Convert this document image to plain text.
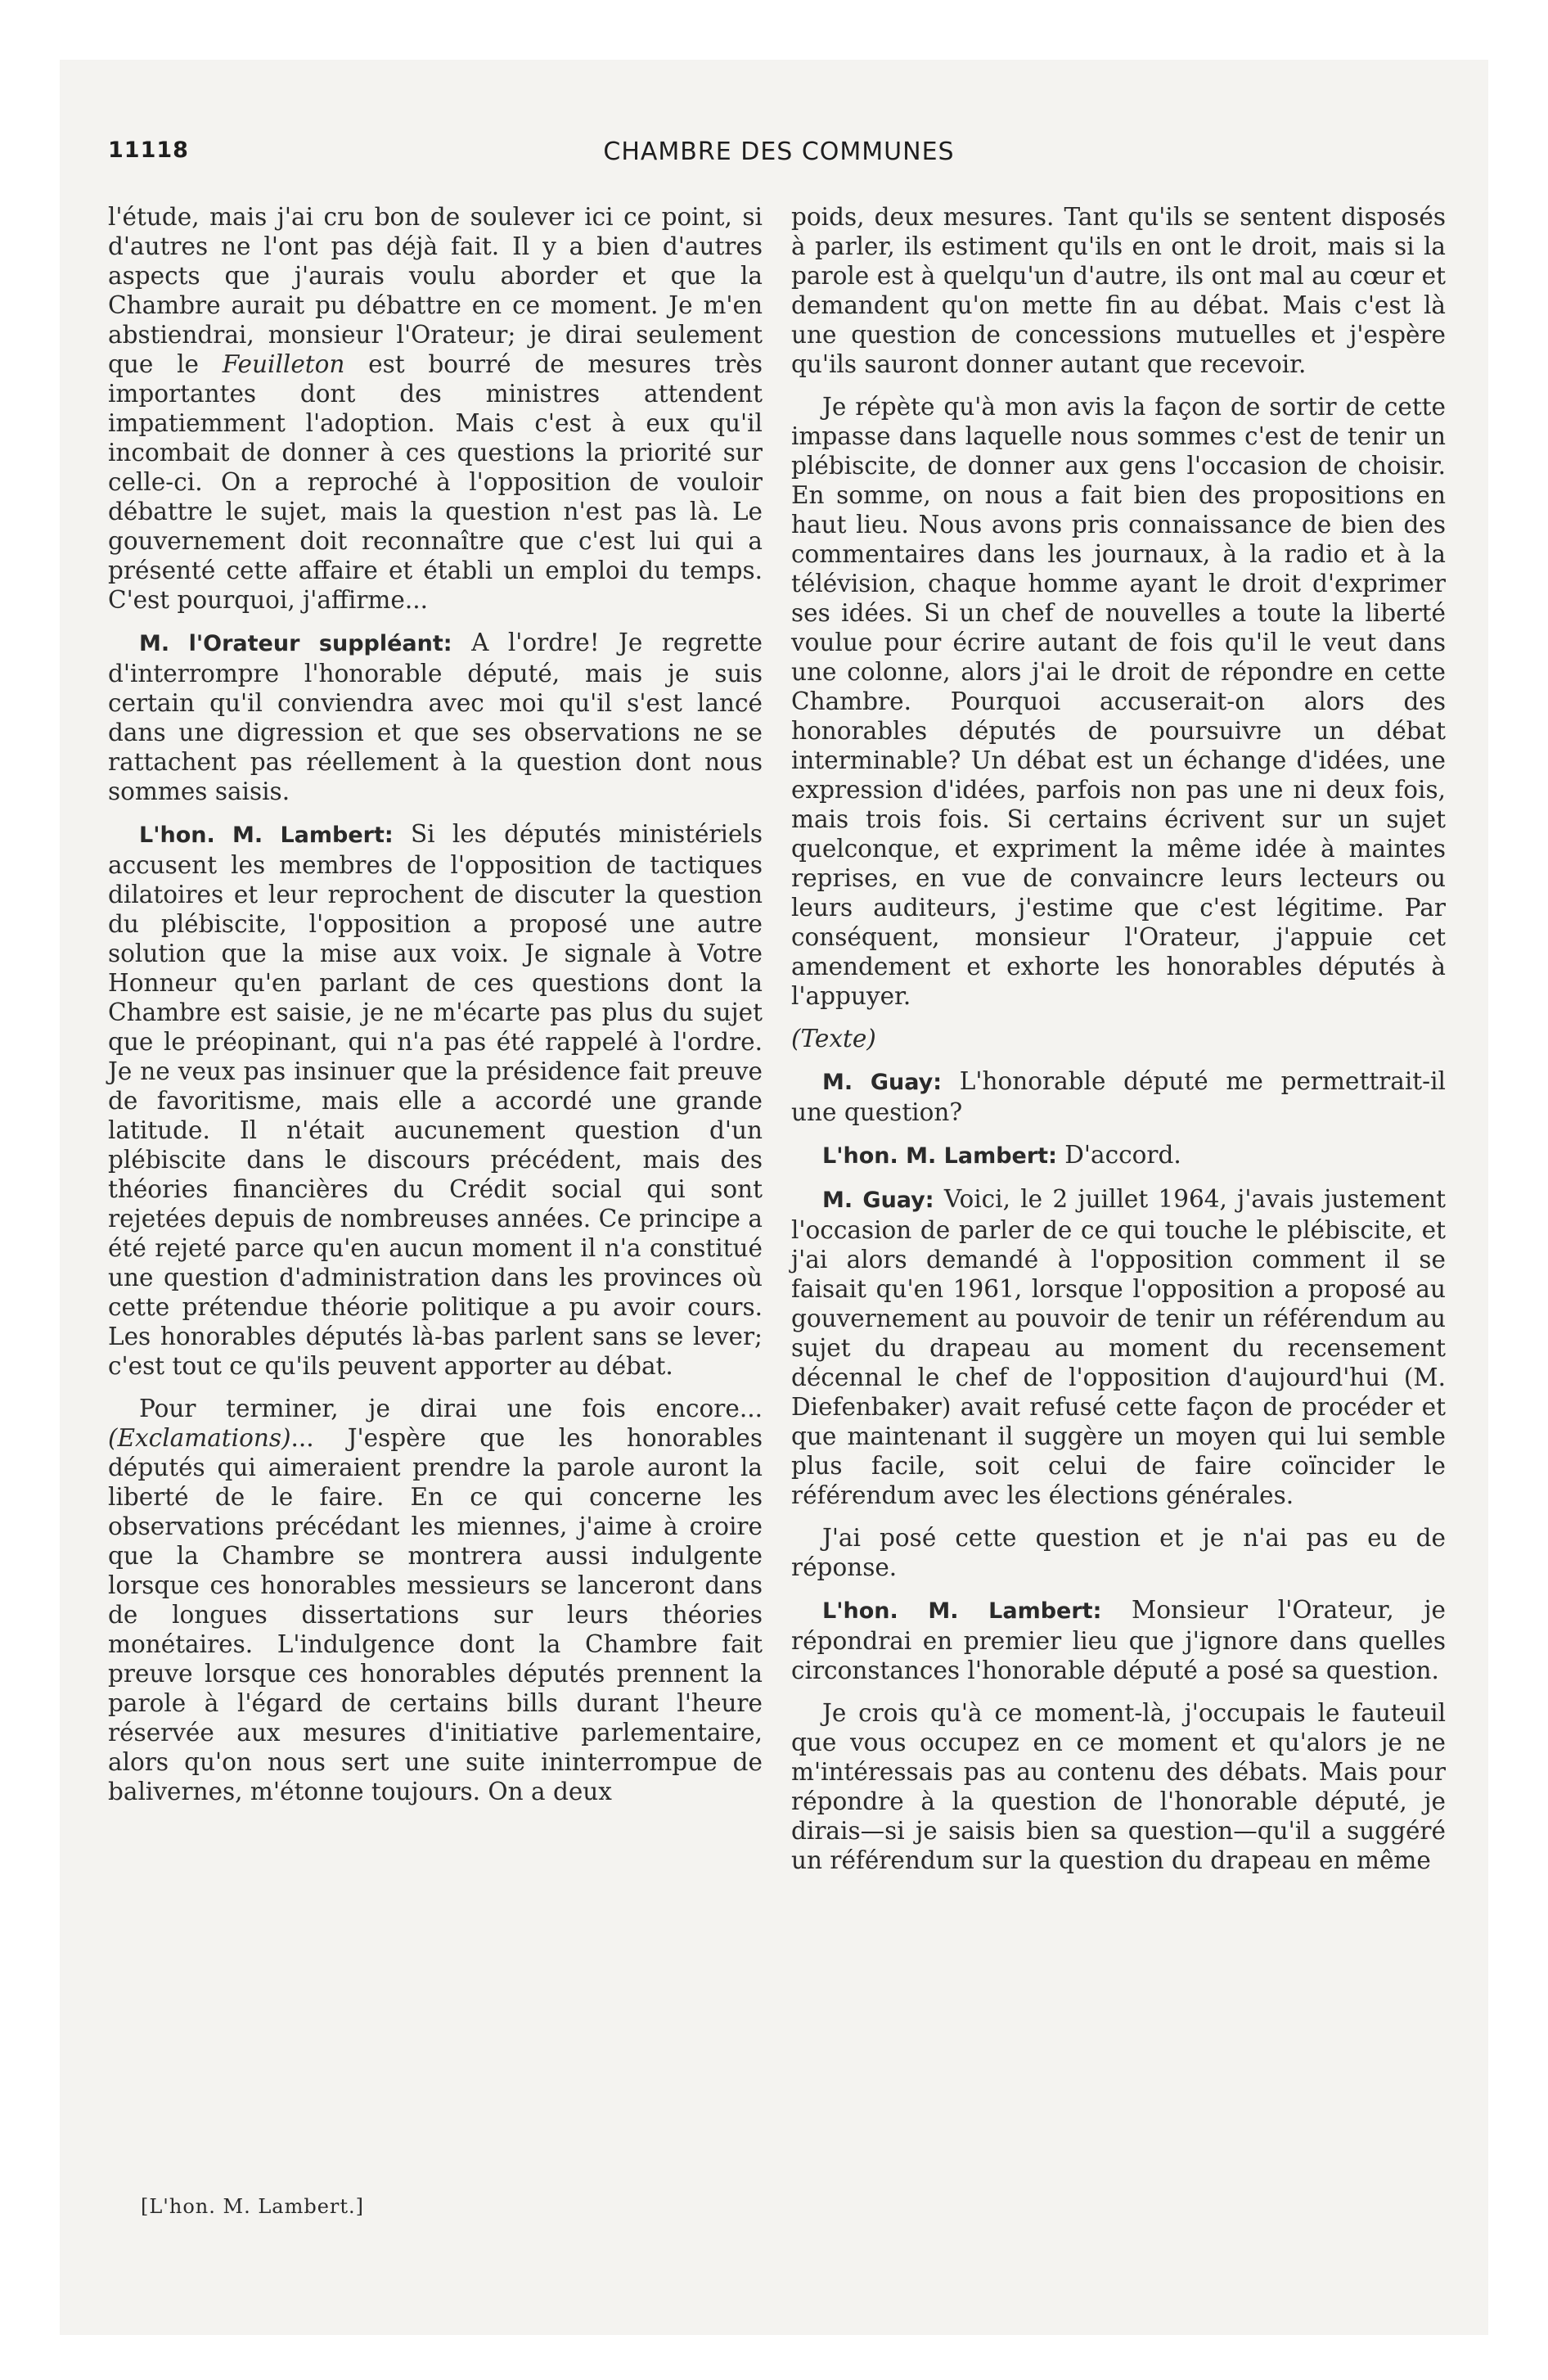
11118	CHAMBRE DES COMMUNES

l'étude, mais j'ai cru bon de soulever ici ce point, si d'autres ne l'ont pas déjà fait. Il y a bien d'autres aspects que j'aurais voulu aborder et que la Chambre aurait pu débattre en ce moment. Je m'en abstiendrai, monsieur l'Orateur; je dirai seulement que le Feuilleton est bourré de mesures très importantes dont des ministres attendent impatiemment l'adoption. Mais c'est à eux qu'il incombait de donner à ces questions la priorité sur celle-ci. On a reproché à l'opposition de vouloir débattre le sujet, mais la question n'est pas là. Le gouvernement doit reconnaître que c'est lui qui a présenté cette affaire et établi un emploi du temps. C'est pourquoi, j'affirme...

M. l'Orateur suppléant: A l'ordre! Je regrette d'interrompre l'honorable député, mais je suis certain qu'il conviendra avec moi qu'il s'est lancé dans une digression et que ses observations ne se rattachent pas réellement à la question dont nous sommes saisis.

L'hon. M. Lambert: Si les députés ministériels accusent les membres de l'opposition de tactiques dilatoires et leur reprochent de discuter la question du plébiscite, l'opposition a proposé une autre solution que la mise aux voix. Je signale à Votre Honneur qu'en parlant de ces questions dont la Chambre est saisie, je ne m'écarte pas plus du sujet que le préopinant, qui n'a pas été rappelé à l'ordre. Je ne veux pas insinuer que la présidence fait preuve de favoritisme, mais elle a accordé une grande latitude. Il n'était aucunement question d'un plébiscite dans le discours précédent, mais des théories financières du Crédit social qui sont rejetées depuis de nombreuses années. Ce principe a été rejeté parce qu'en aucun moment il n'a constitué une question d'administration dans les provinces où cette prétendue théorie politique a pu avoir cours. Les honorables députés là-bas parlent sans se lever; c'est tout ce qu'ils peuvent apporter au débat.

Pour terminer, je dirai une fois encore... (Exclamations)... J'espère que les honorables députés qui aimeraient prendre la parole auront la liberté de le faire. En ce qui concerne les observations précédant les miennes, j'aime à croire que la Chambre se montrera aussi indulgente lorsque ces honorables messieurs se lanceront dans de longues dissertations sur leurs théories monétaires. L'indulgence dont la Chambre fait preuve lorsque ces honorables députés prennent la parole à l'égard de certains bills durant l'heure réservée aux mesures d'initiative parlementaire, alors qu'on nous sert une suite ininterrompue de balivernes, m'étonne toujours. On a deux

[L'hon. M. Lambert.]

poids, deux mesures. Tant qu'ils se sentent disposés à parler, ils estiment qu'ils en ont le droit, mais si la parole est à quelqu'un d'autre, ils ont mal au cœur et demandent qu'on mette fin au débat. Mais c'est là une question de concessions mutuelles et j'espère qu'ils sauront donner autant que recevoir.

Je répète qu'à mon avis la façon de sortir de cette impasse dans laquelle nous sommes c'est de tenir un plébiscite, de donner aux gens l'occasion de choisir. En somme, on nous a fait bien des propositions en haut lieu. Nous avons pris connaissance de bien des commentaires dans les journaux, à la radio et à la télévision, chaque homme ayant le droit d'exprimer ses idées. Si un chef de nouvelles a toute la liberté voulue pour écrire autant de fois qu'il le veut dans une colonne, alors j'ai le droit de répondre en cette Chambre. Pourquoi accuserait-on alors des honorables députés de poursuivre un débat interminable? Un débat est un échange d'idées, une expression d'idées, parfois non pas une ni deux fois, mais trois fois. Si certains écrivent sur un sujet quelconque, et expriment la même idée à maintes reprises, en vue de convaincre leurs lecteurs ou leurs auditeurs, j'estime que c'est légitime. Par conséquent, monsieur l'Orateur, j'appuie cet amendement et exhorte les honorables députés à l'appuyer.

(Texte)

M. Guay: L'honorable député me permettrait-il une question?

L'hon. M. Lambert: D'accord.

M. Guay: Voici, le 2 juillet 1964, j'avais justement l'occasion de parler de ce qui touche le plébiscite, et j'ai alors demandé à l'opposition comment il se faisait qu'en 1961, lorsque l'opposition a proposé au gouvernement au pouvoir de tenir un référendum au sujet du drapeau au moment du recensement décennal le chef de l'opposition d'aujourd'hui (M. Diefenbaker) avait refusé cette façon de procéder et que maintenant il suggère un moyen qui lui semble plus facile, soit celui de faire coïncider le référendum avec les élections générales.

J'ai posé cette question et je n'ai pas eu de réponse.

L'hon. M. Lambert: Monsieur l'Orateur, je répondrai en premier lieu que j'ignore dans quelles circonstances l'honorable député a posé sa question.

Je crois qu'à ce moment-là, j'occupais le fauteuil que vous occupez en ce moment et qu'alors je ne m'intéressais pas au contenu des débats. Mais pour répondre à la question de l'honorable député, je dirais—si je saisis bien sa question—qu'il a suggéré un référendum sur la question du drapeau en même
